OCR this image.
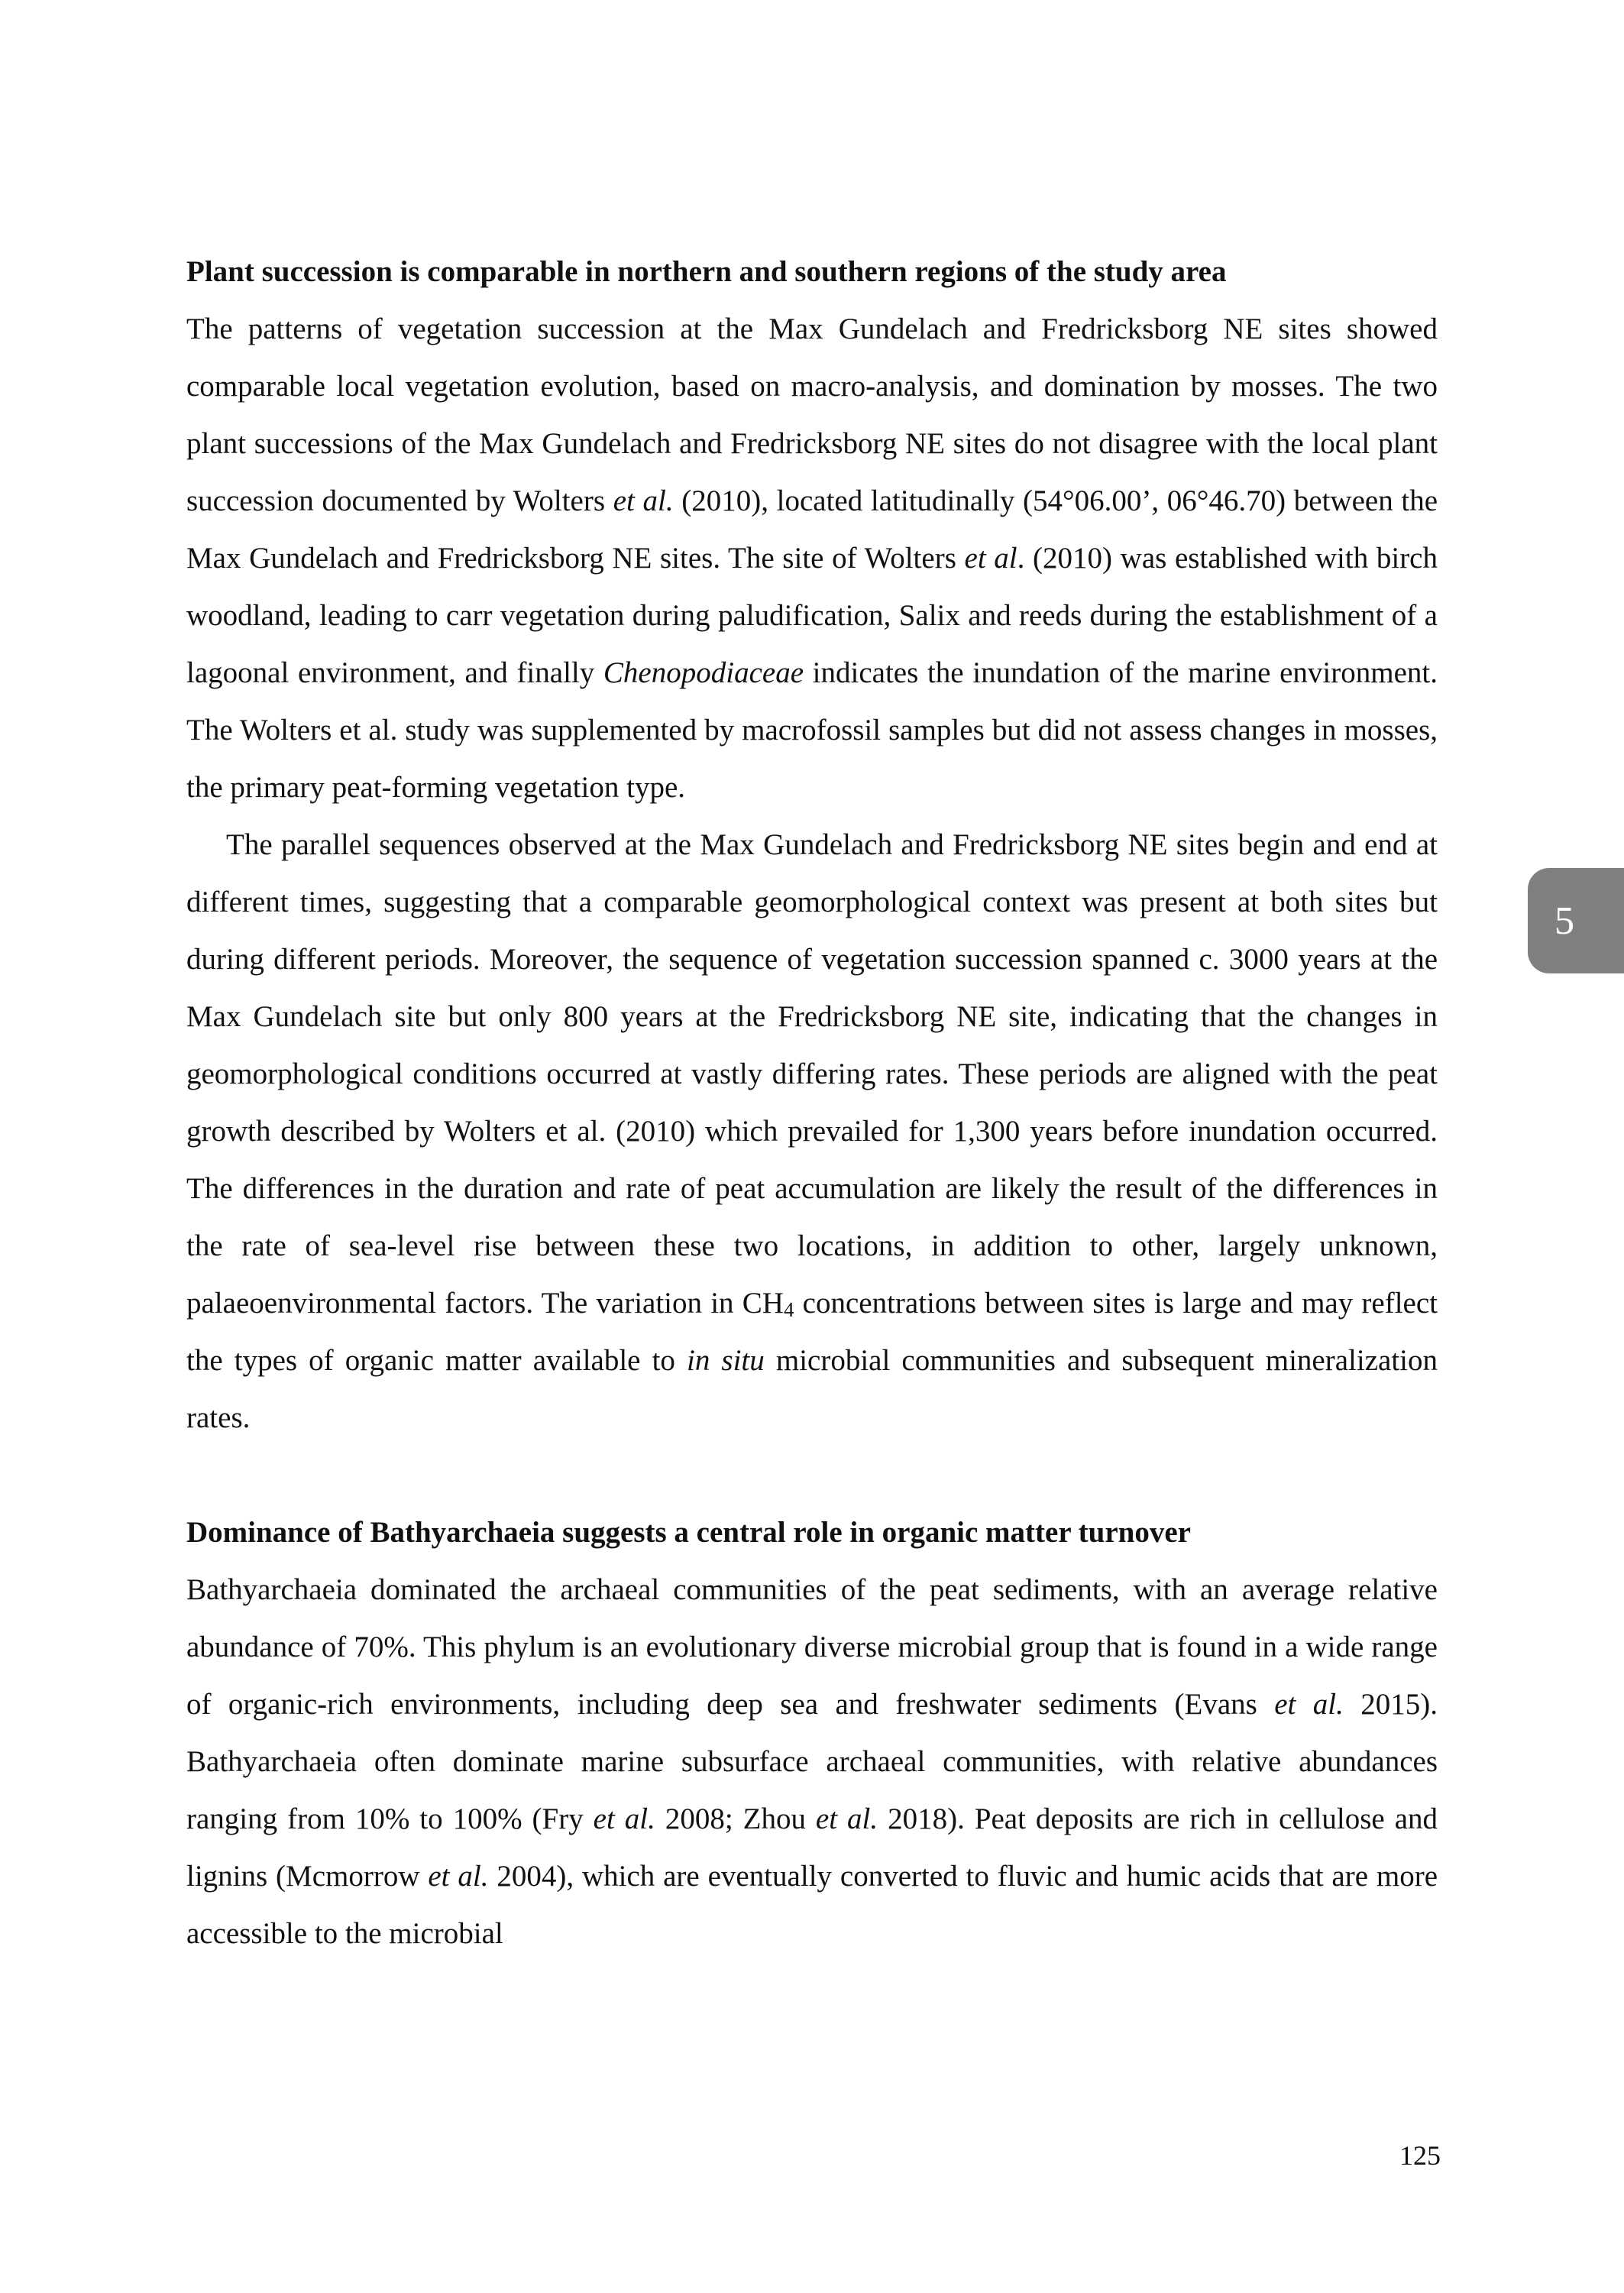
Plant succession is comparable in northern and southern regions of the study area

The patterns of vegetation succession at the Max Gundelach and Fredricksborg NE sites showed comparable local vegetation evolution, based on macro-analysis, and domination by mosses. The two plant successions of the Max Gundelach and Fredricksborg NE sites do not disagree with the local plant succession documented by Wolters et al. (2010), located latitudinally (54°06.00’, 06°46.70) between the Max Gundelach and Fredricksborg NE sites. The site of Wolters et al. (2010) was established with birch woodland, leading to carr vegetation during paludification, Salix and reeds during the establishment of a lagoonal environment, and finally Chenopodiaceae indicates the inundation of the marine environment. The Wolters et al. study was supplemented by macrofossil samples but did not assess changes in mosses, the primary peat-forming vegetation type.

The parallel sequences observed at the Max Gundelach and Fredricksborg NE sites begin and end at different times, suggesting that a comparable geomorphological context was present at both sites but during different periods. Moreover, the sequence of vegetation succession spanned c. 3000 years at the Max Gundelach site but only 800 years at the Fredricksborg NE site, indicating that the changes in geomorphological conditions occurred at vastly differing rates. These periods are aligned with the peat growth described by Wolters et al. (2010) which prevailed for 1,300 years before inundation occurred. The differences in the duration and rate of peat accumulation are likely the result of the differences in the rate of sea-level rise between these two locations, in addition to other, largely unknown, palaeoenvironmental factors. The variation in CH4 concentrations between sites is large and may reflect the types of organic matter available to in situ microbial communities and subsequent mineralization rates.

Dominance of Bathyarchaeia suggests a central role in organic matter turnover

Bathyarchaeia dominated the archaeal communities of the peat sediments, with an average relative abundance of 70%. This phylum is an evolutionary diverse microbial group that is found in a wide range of organic-rich environments, including deep sea and freshwater sediments (Evans et al. 2015). Bathyarchaeia often dominate marine subsurface archaeal communities, with relative abundances ranging from 10% to 100% (Fry et al. 2008; Zhou et al. 2018). Peat deposits are rich in cellulose and lignins (Mcmorrow et al. 2004), which are eventually converted to fluvic and humic acids that are more accessible to the microbial

5
125
